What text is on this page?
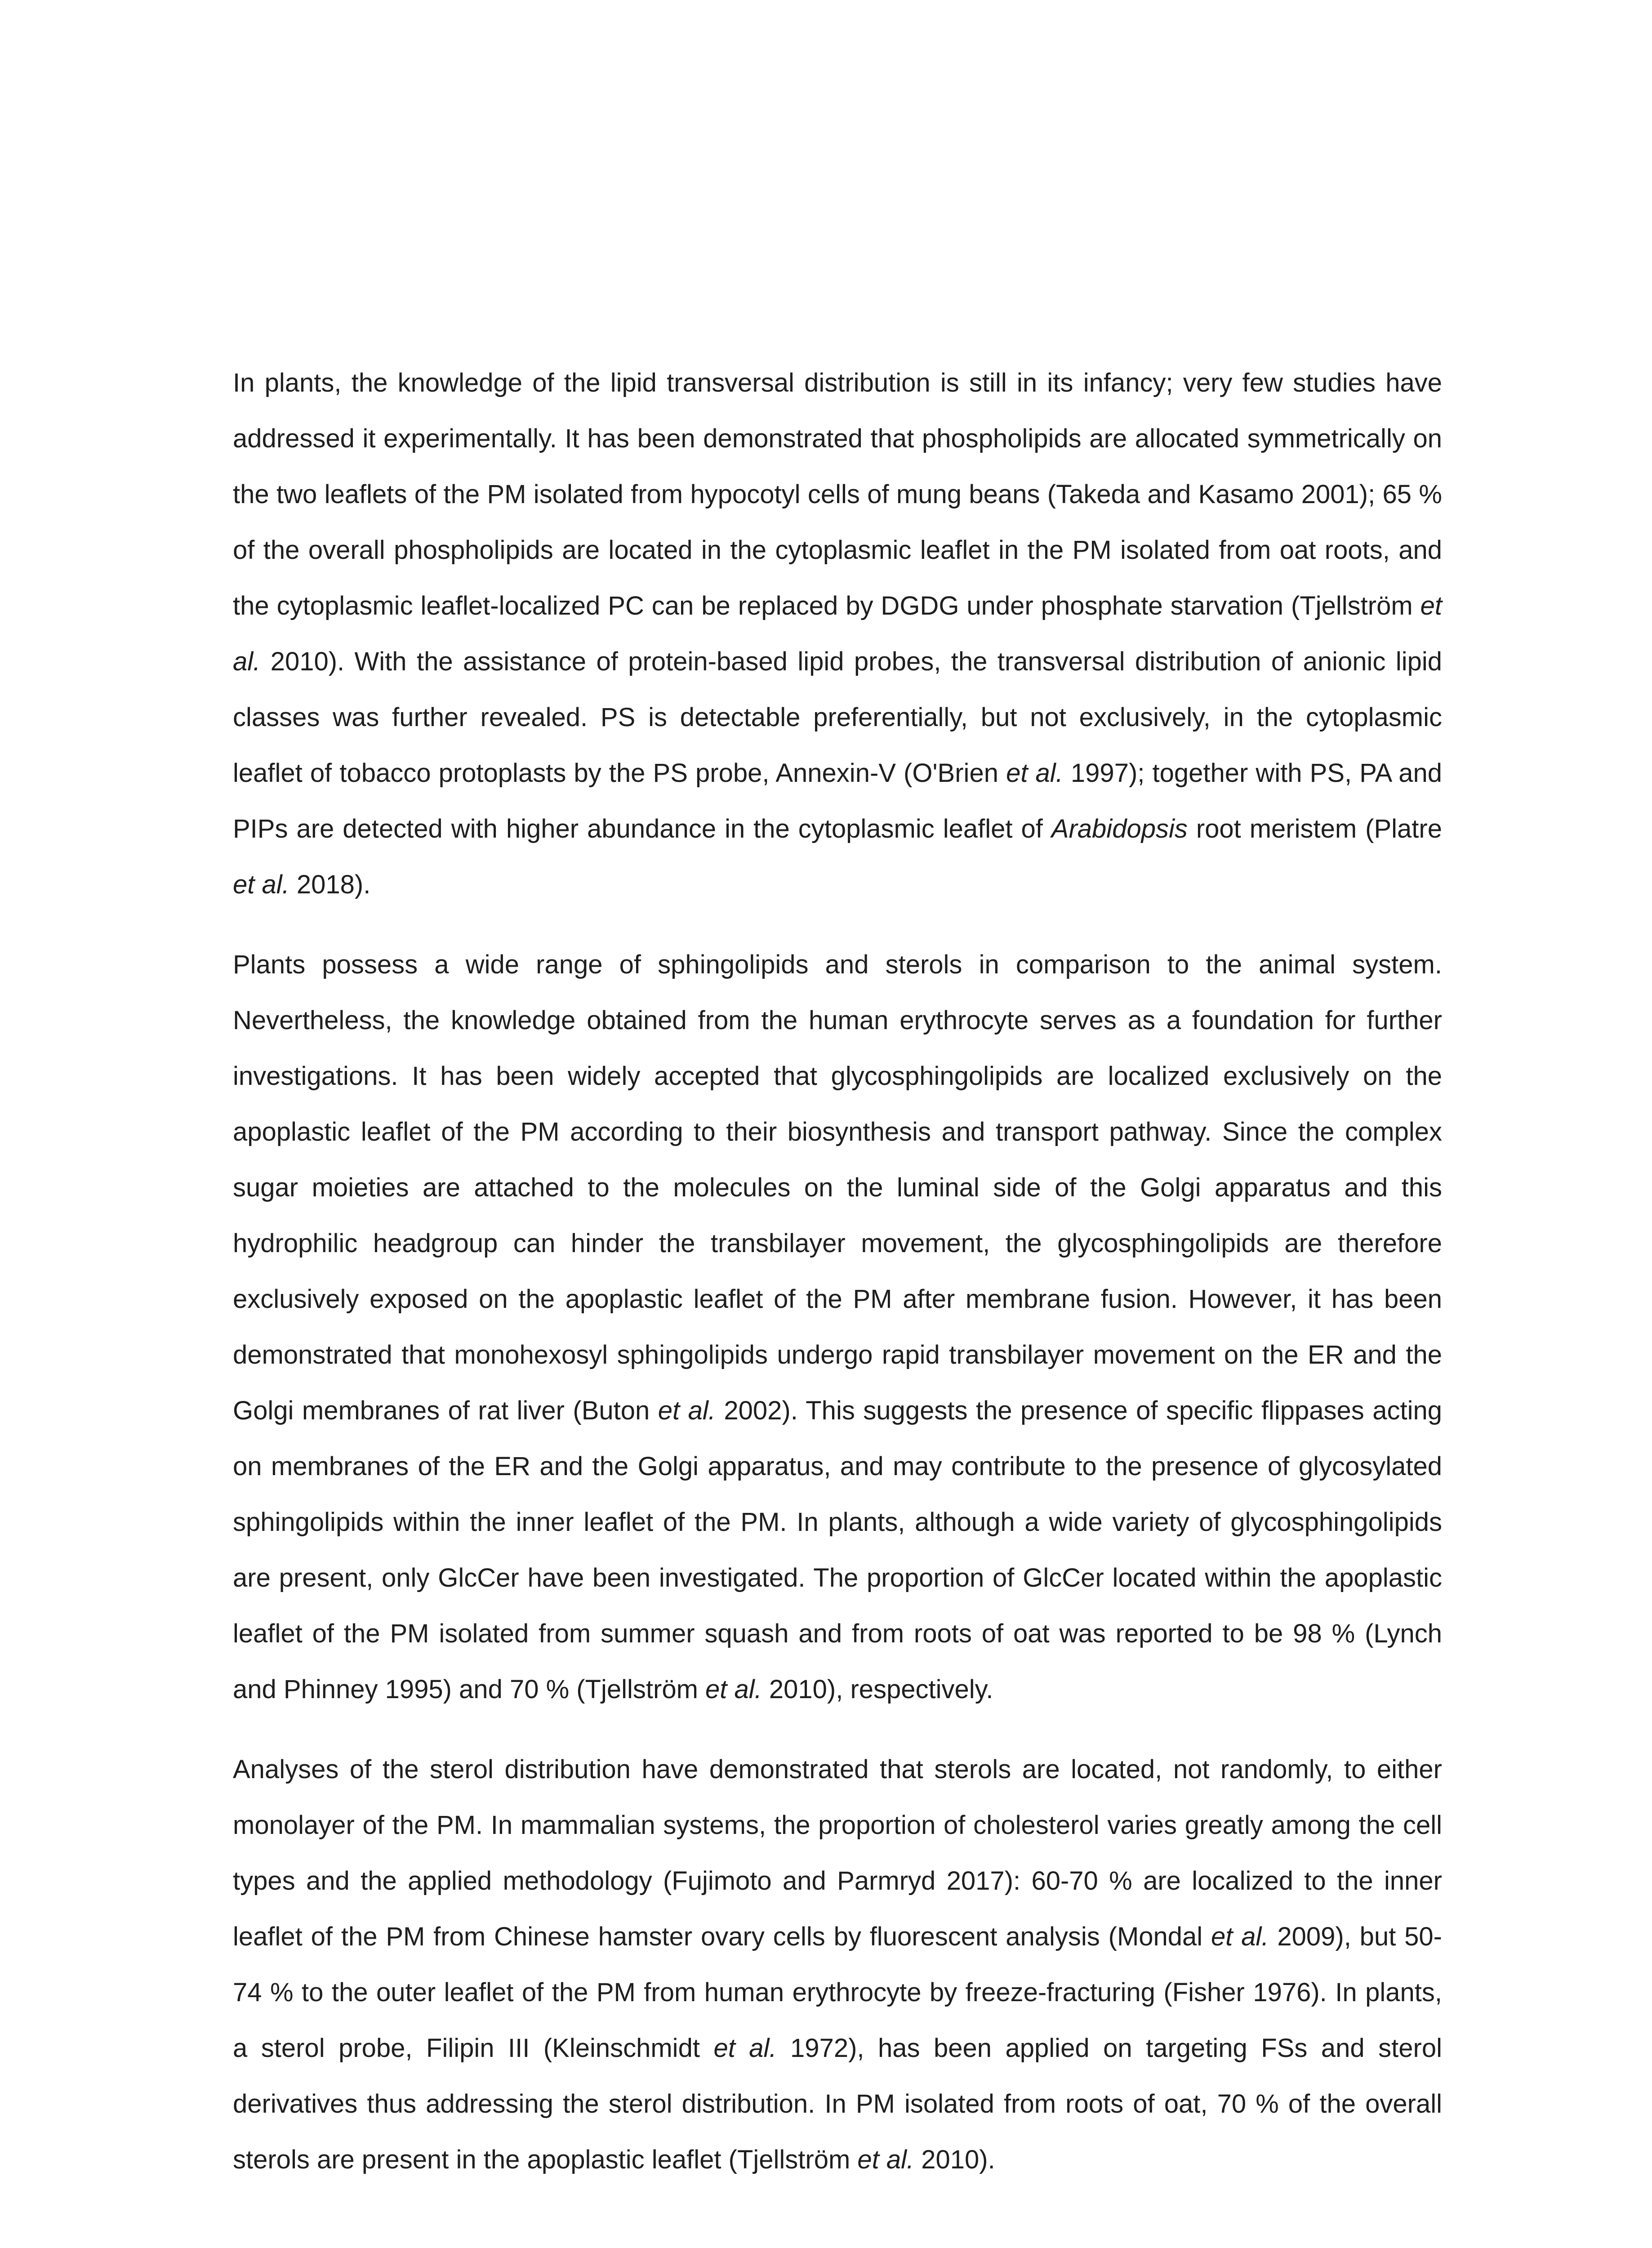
In plants, the knowledge of the lipid transversal distribution is still in its infancy; very few studies have addressed it experimentally. It has been demonstrated that phospholipids are allocated symmetrically on the two leaflets of the PM isolated from hypocotyl cells of mung beans (Takeda and Kasamo 2001); 65 % of the overall phospholipids are located in the cytoplasmic leaflet in the PM isolated from oat roots, and the cytoplasmic leaflet-localized PC can be replaced by DGDG under phosphate starvation (Tjellström et al. 2010). With the assistance of protein-based lipid probes, the transversal distribution of anionic lipid classes was further revealed. PS is detectable preferentially, but not exclusively, in the cytoplasmic leaflet of tobacco protoplasts by the PS probe, Annexin-V (O'Brien et al. 1997); together with PS, PA and PIPs are detected with higher abundance in the cytoplasmic leaflet of Arabidopsis root meristem (Platre et al. 2018).

Plants possess a wide range of sphingolipids and sterols in comparison to the animal system. Nevertheless, the knowledge obtained from the human erythrocyte serves as a foundation for further investigations. It has been widely accepted that glycosphingolipids are localized exclusively on the apoplastic leaflet of the PM according to their biosynthesis and transport pathway. Since the complex sugar moieties are attached to the molecules on the luminal side of the Golgi apparatus and this hydrophilic headgroup can hinder the transbilayer movement, the glycosphingolipids are therefore exclusively exposed on the apoplastic leaflet of the PM after membrane fusion. However, it has been demonstrated that monohexosyl sphingolipids undergo rapid transbilayer movement on the ER and the Golgi membranes of rat liver (Buton et al. 2002). This suggests the presence of specific flippases acting on membranes of the ER and the Golgi apparatus, and may contribute to the presence of glycosylated sphingolipids within the inner leaflet of the PM. In plants, although a wide variety of glycosphingolipids are present, only GlcCer have been investigated. The proportion of GlcCer located within the apoplastic leaflet of the PM isolated from summer squash and from roots of oat was reported to be 98 % (Lynch and Phinney 1995) and 70 % (Tjellström et al. 2010), respectively.

Analyses of the sterol distribution have demonstrated that sterols are located, not randomly, to either monolayer of the PM. In mammalian systems, the proportion of cholesterol varies greatly among the cell types and the applied methodology (Fujimoto and Parmryd 2017): 60-70 % are localized to the inner leaflet of the PM from Chinese hamster ovary cells by fluorescent analysis (Mondal et al. 2009), but 50-74 % to the outer leaflet of the PM from human erythrocyte by freeze-fracturing (Fisher 1976). In plants, a sterol probe, Filipin III (Kleinschmidt et al. 1972), has been applied on targeting FSs and sterol derivatives thus addressing the sterol distribution. In PM isolated from roots of oat, 70 % of the overall sterols are present in the apoplastic leaflet (Tjellström et al. 2010).
